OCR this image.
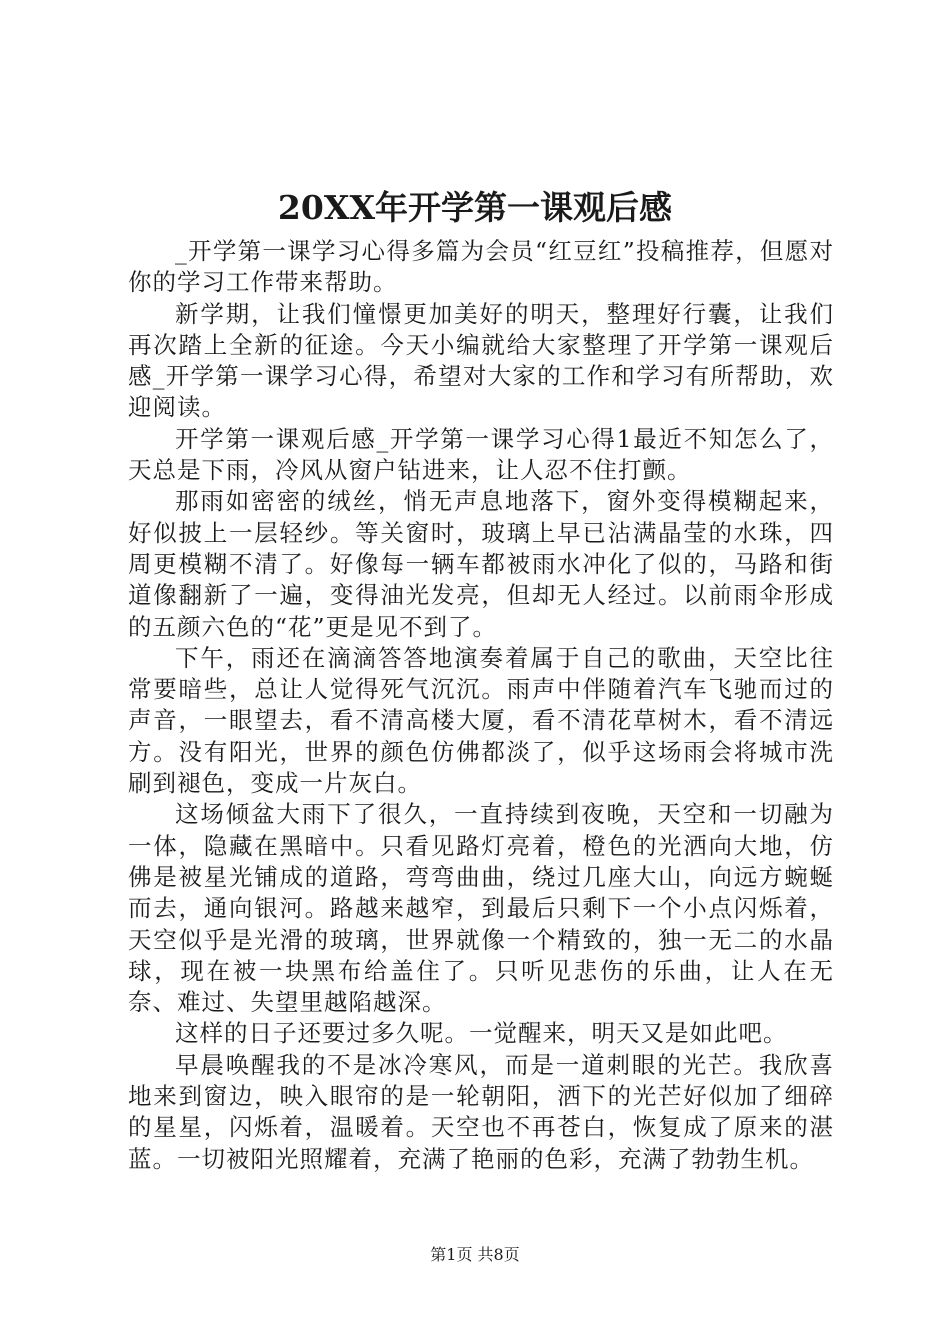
20XX年开学第一课观后感

_开学第一课学习心得多篇为会员“红豆红”投稿推荐，但愿对你的学习工作带来帮助。

新学期，让我们憧憬更加美好的明天，整理好行囊，让我们再次踏上全新的征途。今天小编就给大家整理了开学第一课观后感_开学第一课学习心得，希望对大家的工作和学习有所帮助，欢迎阅读。

开学第一课观后感_开学第一课学习心得1最近不知怎么了，天总是下雨，冷风从窗户钻进来，让人忍不住打颤。

那雨如密密的绒丝，悄无声息地落下，窗外变得模糊起来，好似披上一层轻纱。等关窗时，玻璃上早已沾满晶莹的水珠，四周更模糊不清了。好像每一辆车都被雨水冲化了似的，马路和街道像翻新了一遍，变得油光发亮，但却无人经过。以前雨伞形成的五颜六色的“花”更是见不到了。

下午，雨还在滴滴答答地演奏着属于自己的歌曲，天空比往常要暗些，总让人觉得死气沉沉。雨声中伴随着汽车飞驰而过的声音，一眼望去，看不清高楼大厦，看不清花草树木，看不清远方。没有阳光，世界的颜色仿佛都淡了，似乎这场雨会将城市洗刷到褪色，变成一片灰白。

这场倾盆大雨下了很久，一直持续到夜晚，天空和一切融为一体，隐藏在黑暗中。只看见路灯亮着，橙色的光洒向大地，仿佛是被星光铺成的道路，弯弯曲曲，绕过几座大山，向远方蜿蜒而去，通向银河。路越来越窄，到最后只剩下一个小点闪烁着，天空似乎是光滑的玻璃，世界就像一个精致的，独一无二的水晶球，现在被一块黑布给盖住了。只听见悲伤的乐曲，让人在无奈、难过、失望里越陷越深。

这样的日子还要过多久呢。一觉醒来，明天又是如此吧。

早晨唤醒我的不是冰冷寒风，而是一道刺眼的光芒。我欣喜地来到窗边，映入眼帘的是一轮朝阳，洒下的光芒好似加了细碎的星星，闪烁着，温暖着。天空也不再苍白，恢复成了原来的湛蓝。一切被阳光照耀着，充满了艳丽的色彩，充满了勃勃生机。

第1页 共8页
